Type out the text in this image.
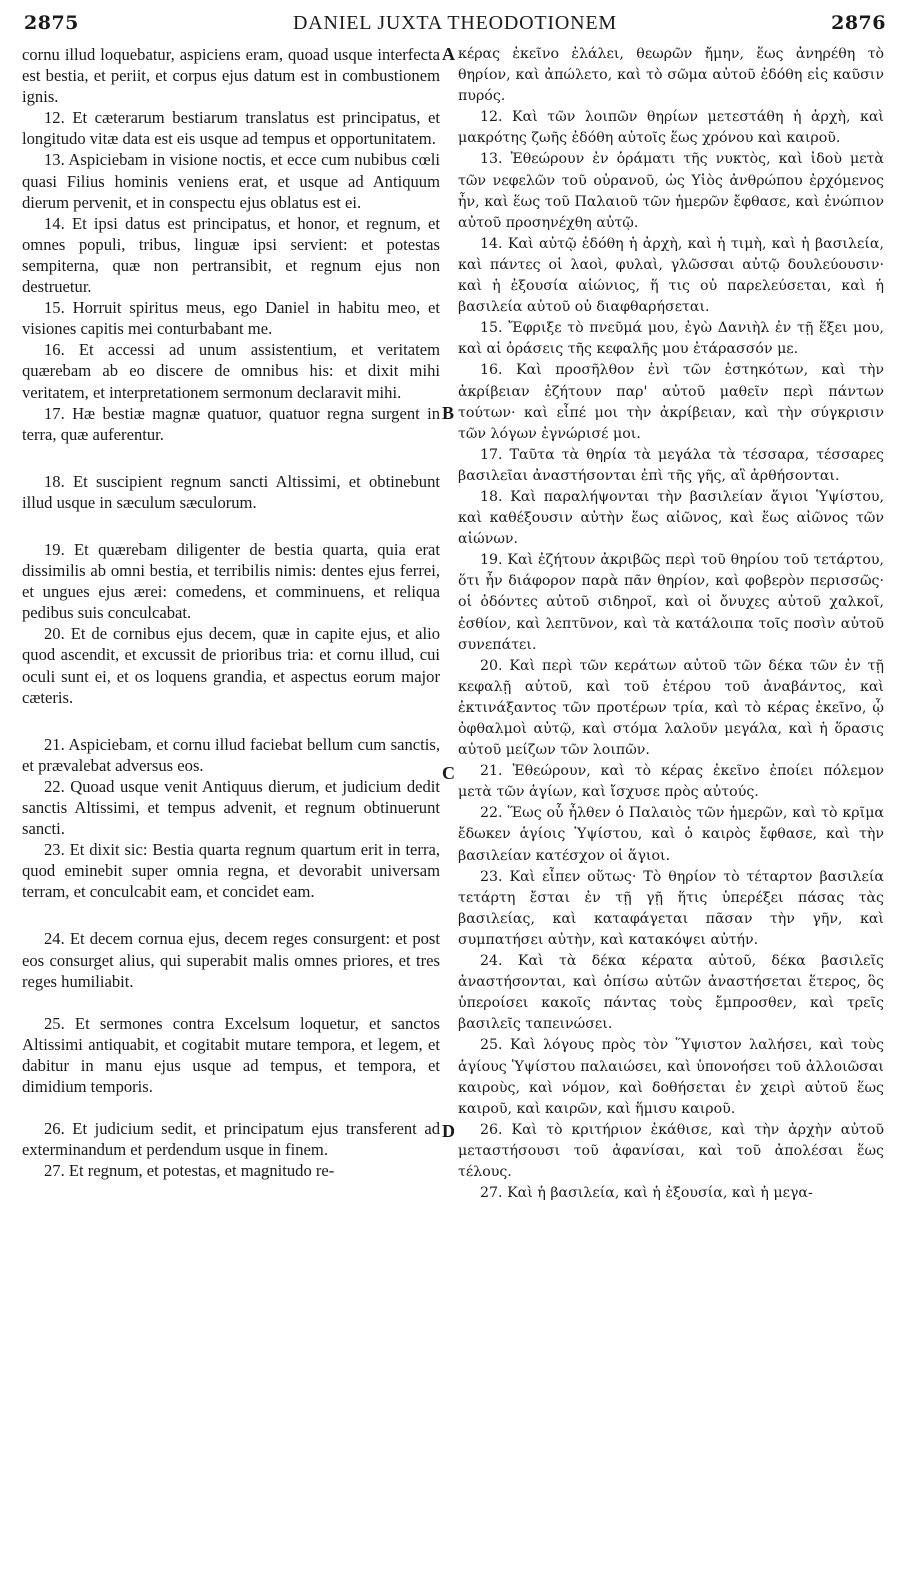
2875	DANIEL JUXTA THEODOTIONEM	2876
A
B
C
D

cornu illud loquebatur, aspiciens eram, quoad usque interfecta est bestia, et periit, et corpus ejus datum est in combustionem ignis.

12. Et cæterarum bestiarum translatus est principatus, et longitudo vitæ data est eis usque ad tempus et opportunitatem.

13. Aspiciebam in visione noctis, et ecce cum nubibus cœli quasi Filius hominis veniens erat, et usque ad Antiquum dierum pervenit, et in conspectu ejus oblatus est ei.

14. Et ipsi datus est principatus, et honor, et regnum, et omnes populi, tribus, linguæ ipsi servient: et potestas sempiterna, quæ non pertransibit, et regnum ejus non destruetur.

15. Horruit spiritus meus, ego Daniel in habitu meo, et visiones capitis mei conturbabant me.

16. Et accessi ad unum assistentium, et veritatem quærebam ab eo discere de omnibus his: et dixit mihi veritatem, et interpretationem sermonum declaravit mihi.

17. Hæ bestiæ magnæ quatuor, quatuor regna surgent in terra, quæ auferentur.

18. Et suscipient regnum sancti Altissimi, et obtinebunt illud usque in sæculum sæculorum.

19. Et quærebam diligenter de bestia quarta, quia erat dissimilis ab omni bestia, et terribilis nimis: dentes ejus ferrei, et ungues ejus ærei: comedens, et comminuens, et reliqua pedibus suis conculcabat.

20. Et de cornibus ejus decem, quæ in capite ejus, et alio quod ascendit, et excussit de prioribus tria: et cornu illud, cui oculi sunt ei, et os loquens grandia, et aspectus eorum major cæteris.

21. Aspiciebam, et cornu illud faciebat bellum cum sanctis, et prævalebat adversus eos.

22. Quoad usque venit Antiquus dierum, et judicium dedit sanctis Altissimi, et tempus advenit, et regnum obtinuerunt sancti.

23. Et dixit sic: Bestia quarta regnum quartum erit in terra, quod eminebit super omnia regna, et devorabit universam terram, et conculcabit eam, et concidet eam.

24. Et decem cornua ejus, decem reges consurgent: et post eos consurget alius, qui superabit malis omnes priores, et tres reges humiliabit.

25. Et sermones contra Excelsum loquetur, et sanctos Altissimi antiquabit, et cogitabit mutare tempora, et legem, et dabitur in manu ejus usque ad tempus, et tempora, et dimidium temporis.

26. Et judicium sedit, et principatum ejus transferent ad exterminandum et perdendum usque in finem.

27. Et regnum, et potestas, et magnitudo re-

κέρας ἐκεῖνο ἐλάλει, θεωρῶν ἤμην, ἕως ἀνηρέθη τὸ θηρίον, καὶ ἀπώλετο, καὶ τὸ σῶμα αὐτοῦ ἐδόθη εἰς καῦσιν πυρός.

12. Καὶ τῶν λοιπῶν θηρίων μετεστάθη ἡ ἀρχὴ, καὶ μακρότης ζωῆς ἐδόθη αὐτοῖς ἕως χρόνου καὶ καιροῦ.

13. Ἐθεώρουν ἐν ὁράματι τῆς νυκτὸς, καὶ ἰδοὺ μετὰ τῶν νεφελῶν τοῦ οὐρανοῦ, ὡς Υἱὸς ἀνθρώπου ἐρχόμενος ἦν, καὶ ἕως τοῦ Παλαιοῦ τῶν ἡμερῶν ἔφθασε, καὶ ἐνώπιον αὐτοῦ προσηνέχθη αὐτῷ.

14. Καὶ αὐτῷ ἐδόθη ἡ ἀρχὴ, καὶ ἡ τιμὴ, καὶ ἡ βασιλεία, καὶ πάντες οἱ λαοὶ, φυλαὶ, γλῶσσαι αὐτῷ δουλεύουσιν· καὶ ἡ ἐξουσία αἰώνιος, ἥ τις οὐ παρελεύσεται, καὶ ἡ βασιλεία αὐτοῦ οὐ διαφθαρήσεται.

15. Ἔφριξε τὸ πνεῦμά μου, ἐγὼ Δανιὴλ ἐν τῇ ἕξει μου, καὶ αἱ ὁράσεις τῆς κεφαλῆς μου ἐτάρασσόν με.

16. Καὶ προσῆλθον ἑνὶ τῶν ἑστηκότων, καὶ τὴν ἀκρίβειαν ἐζήτουν παρ' αὐτοῦ μαθεῖν περὶ πάντων τούτων· καὶ εἶπέ μοι τὴν ἀκρίβειαν, καὶ τὴν σύγκρισιν τῶν λόγων ἐγνώρισέ μοι.

17. Ταῦτα τὰ θηρία τὰ μεγάλα τὰ τέσσαρα, τέσσαρες βασιλεῖαι ἀναστήσονται ἐπὶ τῆς γῆς, αἳ ἀρθήσονται.

18. Καὶ παραλήψονται τὴν βασιλείαν ἅγιοι Ὑψίστου, καὶ καθέξουσιν αὐτὴν ἕως αἰῶνος, καὶ ἕως αἰῶνος τῶν αἰώνων.

19. Καὶ ἐζήτουν ἀκριβῶς περὶ τοῦ θηρίου τοῦ τετάρτου, ὅτι ἦν διάφορον παρὰ πᾶν θηρίον, καὶ φοβερὸν περισσῶς· οἱ ὀδόντες αὐτοῦ σιδηροῖ, καὶ οἱ ὄνυχες αὐτοῦ χαλκοῖ, ἐσθίον, καὶ λεπτῦνον, καὶ τὰ κατάλοιπα τοῖς ποσὶν αὐτοῦ συνεπάτει.

20. Καὶ περὶ τῶν κεράτων αὐτοῦ τῶν δέκα τῶν ἐν τῇ κεφαλῇ αὐτοῦ, καὶ τοῦ ἑτέρου τοῦ ἀναβάντος, καὶ ἐκτινάξαντος τῶν προτέρων τρία, καὶ τὸ κέρας ἐκεῖνο, ᾧ ὀφθαλμοὶ αὐτῷ, καὶ στόμα λαλοῦν μεγάλα, καὶ ἡ ὅρασις αὐτοῦ μείζων τῶν λοιπῶν.

21. Ἐθεώρουν, καὶ τὸ κέρας ἐκεῖνο ἐποίει πόλεμον μετὰ τῶν ἁγίων, καὶ ἴσχυσε πρὸς αὐτούς.

22. Ἕως οὗ ἦλθεν ὁ Παλαιὸς τῶν ἡμερῶν, καὶ τὸ κρῖμα ἔδωκεν ἁγίοις Ὑψίστου, καὶ ὁ καιρὸς ἔφθασε, καὶ τὴν βασιλείαν κατέσχον οἱ ἅγιοι.

23. Καὶ εἶπεν οὕτως· Τὸ θηρίον τὸ τέταρτον βασιλεία τετάρτη ἔσται ἐν τῇ γῇ ἥτις ὑπερέξει πάσας τὰς βασιλείας, καὶ καταφάγεται πᾶσαν τὴν γῆν, καὶ συμπατήσει αὐτὴν, καὶ κατακόψει αὐτήν.

24. Καὶ τὰ δέκα κέρατα αὐτοῦ, δέκα βασιλεῖς ἀναστήσονται, καὶ ὀπίσω αὐτῶν ἀναστήσεται ἕτερος, ὃς ὑπεροίσει κακοῖς πάντας τοὺς ἔμπροσθεν, καὶ τρεῖς βασιλεῖς ταπεινώσει.

25. Καὶ λόγους πρὸς τὸν Ὕψιστον λαλήσει, καὶ τοὺς ἁγίους Ὑψίστου παλαιώσει, καὶ ὑπονοήσει τοῦ ἀλλοιῶσαι καιροὺς, καὶ νόμον, καὶ δοθήσεται ἐν χειρὶ αὐτοῦ ἕως καιροῦ, καὶ καιρῶν, καὶ ἥμισυ καιροῦ.

26. Καὶ τὸ κριτήριον ἐκάθισε, καὶ τὴν ἀρχὴν αὐτοῦ μεταστήσουσι τοῦ ἀφανίσαι, καὶ τοῦ ἀπολέσαι ἕως τέλους.

27. Καὶ ἡ βασιλεία, καὶ ἡ ἐξουσία, καὶ ἡ μεγα-
